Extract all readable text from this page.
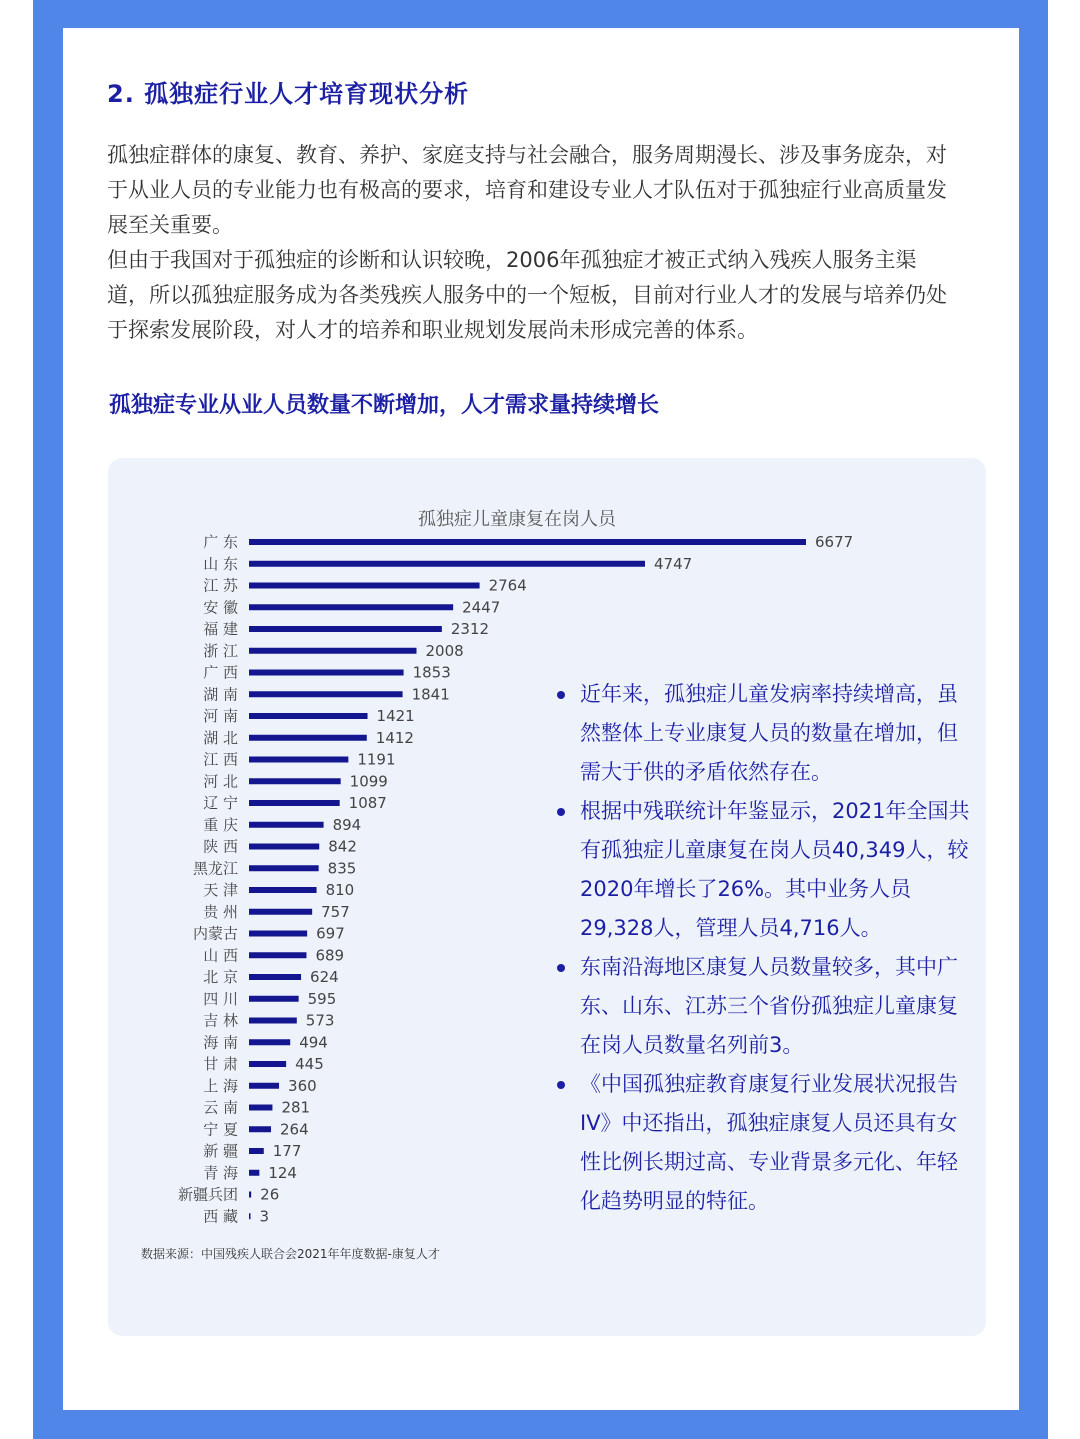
2. 孤独症行业人才培育现状分析

孤独症群体的康复、教育、养护、家庭支持与社会融合，服务周期漫长、涉及事务庞杂，对于从业人员的专业能力也有极高的要求，培育和建设专业人才队伍对于孤独症行业高质量发展至关重要。

但由于我国对于孤独症的诊断和认识较晚，2006年孤独症才被正式纳入残疾人服务主渠道，所以孤独症服务成为各类残疾人服务中的一个短板，目前对行业人才的发展与培养仍处于探索发展阶段，对人才的培养和职业规划发展尚未形成完善的体系。

孤独症专业从业人员数量不断增加，人才需求量持续增长
孤独症儿童康复在岗人员
广 东	6677
山 东	4747
江 苏	2764
安 徽	2447
福 建	2312
浙 江	2008
广 西	1853
湖 南	1841
河 南	1421
湖 北	1412
江 西	1191
河 北	1099
辽 宁	1087
重 庆	894
陕 西	842
黑龙江	835
天 津	810
贵 州	757
内蒙古	697
山 西	689
北 京	624
四 川	595
吉 林	573
海 南	494
甘 肃	445
上 海	360
云 南	281
宁 夏	264
新 疆 177
青 海 124
新疆兵团 26
西 藏 3

数据来源：中国残疾人联合会2021年年度数据-康复人才

近年来，孤独症儿童发病率持续增高，虽然整体上专业康复人员的数量在增加，但需大于供的矛盾依然存在。
根据中残联统计年鉴显示，2021年全国共有孤独症儿童康复在岗人员40,349人，较2020年增长了26%。其中业务人员29,328人，管理人员4,716人。
东南沿海地区康复人员数量较多，其中广东、山东、江苏三个省份孤独症儿童康复在岗人员数量名列前3。
《中国孤独症教育康复行业发展状况报告IV》中还指出，孤独症康复人员还具有女性比例长期过高、专业背景多元化、年轻化趋势明显的特征。
